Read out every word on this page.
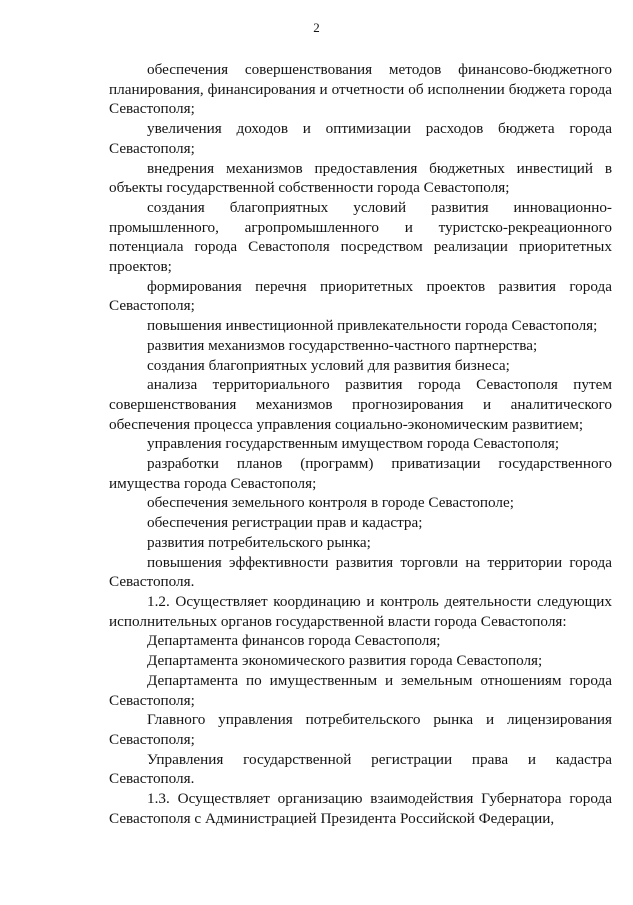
2

обеспечения совершенствования методов финансово-бюджетного планирования, финансирования и отчетности об исполнении бюджета города Севастополя;

увеличения доходов и оптимизации расходов бюджета города Севастополя;

внедрения механизмов предоставления бюджетных инвестиций в объекты государственной собственности города Севастополя;

создания благоприятных условий развития инновационно-промышленного, агропромышленного и туристско-рекреационного потенциала города Севастополя посредством реализации приоритетных проектов;

формирования перечня приоритетных проектов развития города Севастополя;

повышения инвестиционной привлекательности города Севастополя;

развития механизмов государственно-частного партнерства;

создания благоприятных условий для развития бизнеса;

анализа территориального развития города Севастополя путем совершенствования механизмов прогнозирования и аналитического обеспечения процесса управления социально-экономическим развитием;

управления государственным имуществом города Севастополя;

разработки планов (программ) приватизации государственного имущества города Севастополя;

обеспечения земельного контроля в городе Севастополе;

обеспечения регистрации прав и кадастра;

развития потребительского рынка;

повышения эффективности развития торговли на территории города Севастополя.

1.2. Осуществляет координацию и контроль деятельности следующих исполнительных органов государственной власти города Севастополя:

Департамента финансов города Севастополя;

Департамента экономического развития города Севастополя;

Департамента по имущественным и земельным отношениям города Севастополя;

Главного управления потребительского рынка и лицензирования Севастополя;

Управления государственной регистрации права и кадастра Севастополя.

1.3. Осуществляет организацию взаимодействия Губернатора города Севастополя с Администрацией Президента Российской Федерации,
